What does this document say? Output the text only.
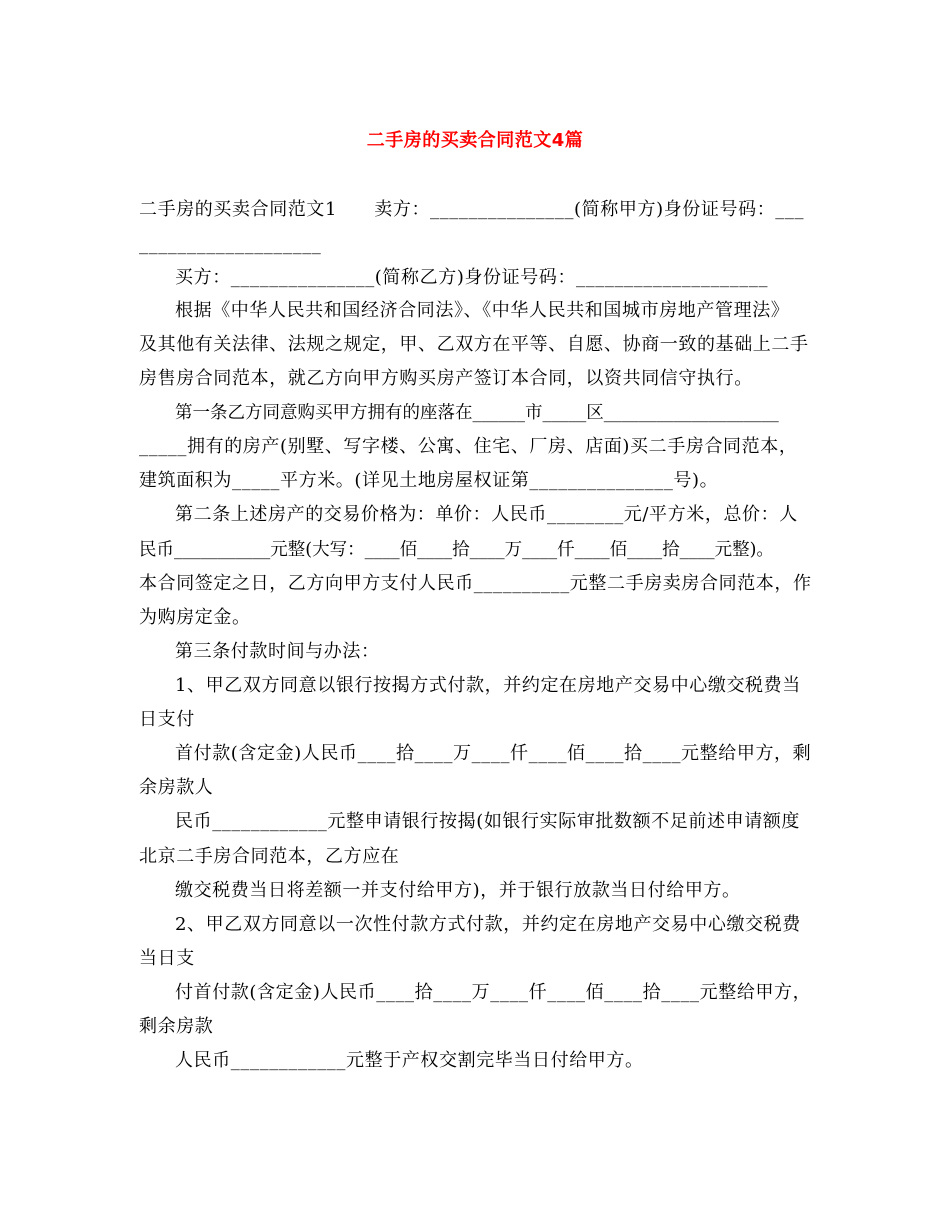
二手房的买卖合同范文4篇
二手房的买卖合同范文1　　卖方：_______________(简称甲方)身份证号码：___
___________________
买方：_______________(简称乙方)身份证号码：____________________
根据《中华人民共和国经济合同法》、《中华人民共和国城市房地产管理法》
及其他有关法律、法规之规定，甲、乙双方在平等、自愿、协商一致的基础上二手
房售房合同范本，就乙方向甲方购买房产签订本合同，以资共同信守执行。
第一条乙方同意购买甲方拥有的座落在______市_____区____________________
_____拥有的房产(别墅、写字楼、公寓、住宅、厂房、店面)买二手房合同范本，
建筑面积为_____平方米。(详见土地房屋权证第_______________号)。
第二条上述房产的交易价格为：单价：人民币________元/平方米，总价：人
民币___________元整(大写：____佰____拾____万____仟____佰____拾____元整)。
本合同签定之日，乙方向甲方支付人民币__________元整二手房卖房合同范本，作
为购房定金。
第三条付款时间与办法：
1、甲乙双方同意以银行按揭方式付款，并约定在房地产交易中心缴交税费当
日支付
首付款(含定金)人民币____拾____万____仟____佰____拾____元整给甲方，剩
余房款人
民币____________元整申请银行按揭(如银行实际审批数额不足前述申请额度
北京二手房合同范本，乙方应在
缴交税费当日将差额一并支付给甲方)，并于银行放款当日付给甲方。
2、甲乙双方同意以一次性付款方式付款，并约定在房地产交易中心缴交税费
当日支
付首付款(含定金)人民币____拾____万____仟____佰____拾____元整给甲方，
剩余房款
人民币____________元整于产权交割完毕当日付给甲方。
